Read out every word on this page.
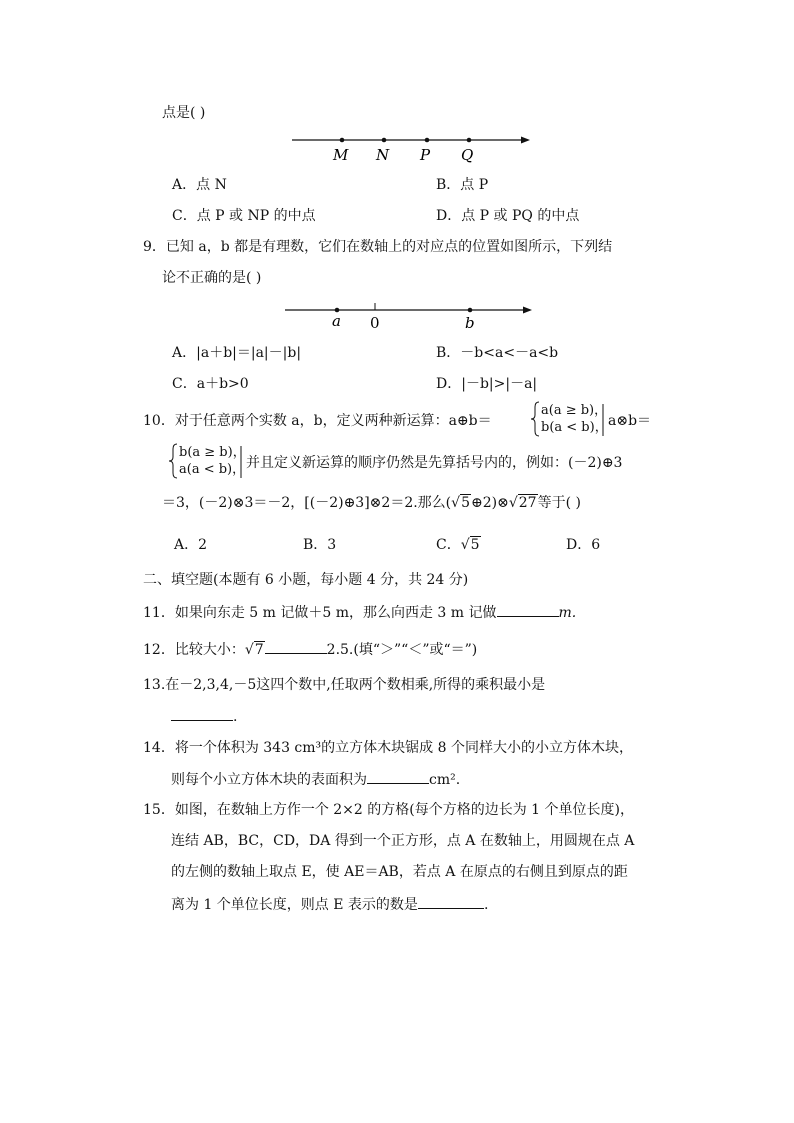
点是( )
M N P Q
a 0	b
A．点 N	B．点 P
C．点 P 或 NP 的中点	D．点 P 或 PQ 的中点
9．已知 a，b 都是有理数，它们在数轴上的对应点的位置如图所示，下列结
论不正确的是( )
A．|a＋b|＝|a|－|b|	B．－b<a<－a<b
C．a＋b>0	D．|－b|>|－a|
10．对于任意两个实数 a，b，定义两种新运算：a⊕b＝
a(a ≥ b)，
b(a < b)， a⊗b＝
b(a ≥ b)，
a(a < b)， 并且定义新运算的顺序仍然是先算括号内的，例如：(－2)⊕3
＝3，(－2)⊗3＝－2，[(－2)⊕3]⊗2＝2.那么(√5⊕2)⊗√27等于( )
A．2	B．3	C．√5	D．6
二、填空题(本题有 6 小题，每小题 4 分，共 24 分)
11．如果向东走 5 m 记做＋5 m，那么向西走 3 m 记做	m.
12．比较大小：√7	2.5.(填“＞”“＜”或“＝”)
13.在－2,3,4,－5这四个数中,任取两个数相乘,所得的乘积最小是
.
14．将一个体积为 343 cm³的立方体木块锯成 8 个同样大小的小立方体木块，
则每个小立方体木块的表面积为	cm².
15．如图，在数轴上方作一个 2×2 的方格(每个方格的边长为 1 个单位长度)，
连结 AB，BC，CD，DA 得到一个正方形，点 A 在数轴上，用圆规在点 A
的左侧的数轴上取点 E，使 AE＝AB，若点 A 在原点的右侧且到原点的距
离为 1 个单位长度，则点 E 表示的数是	.
